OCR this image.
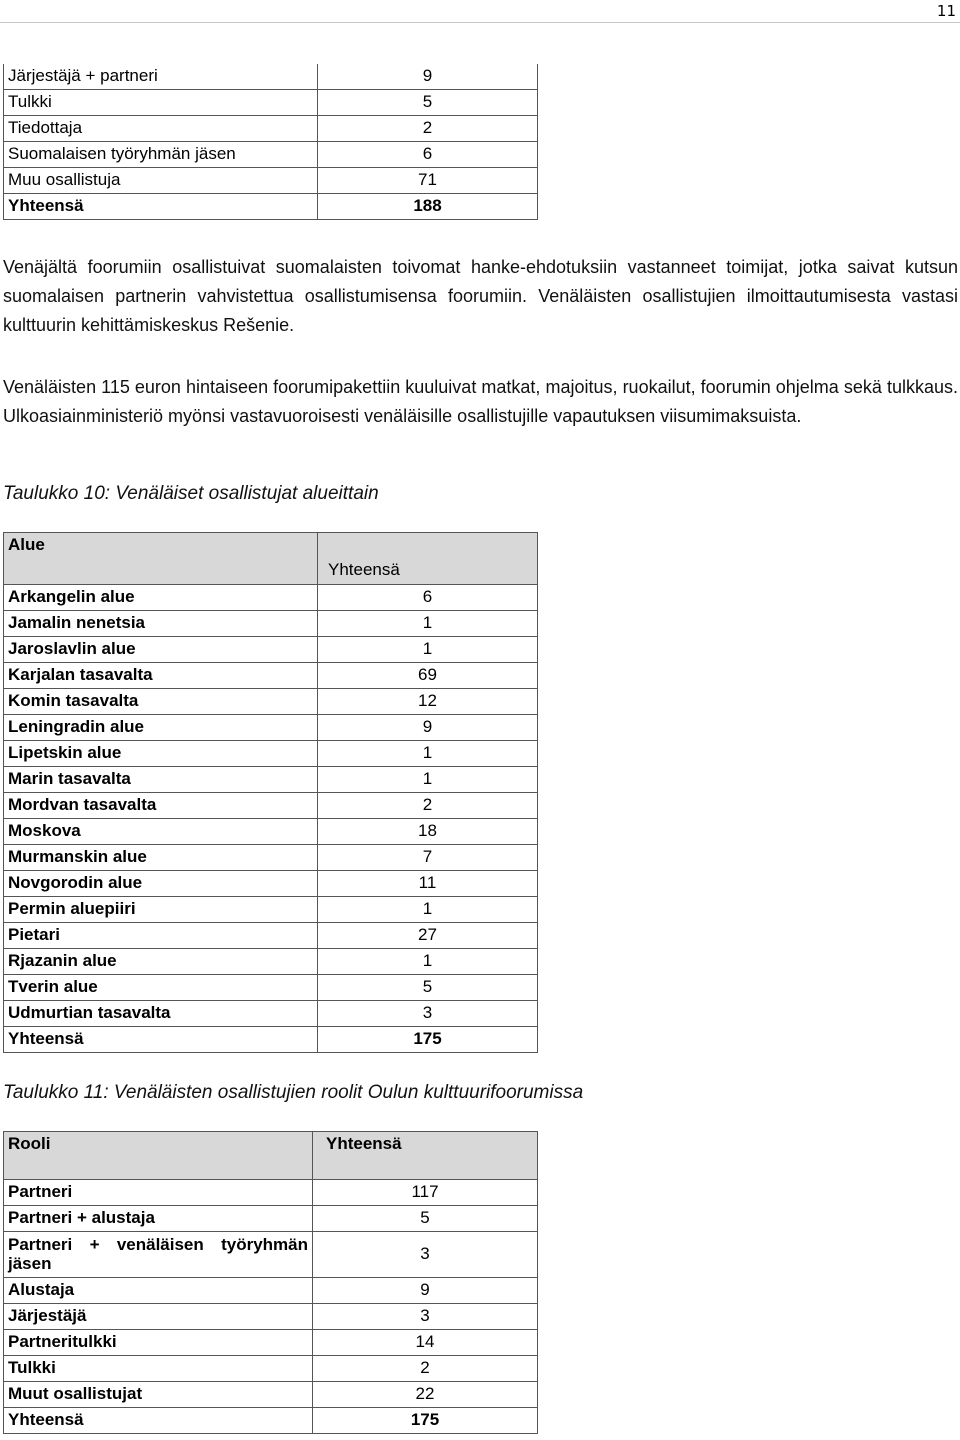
11
Järjestäjä + partneri	9
Tulkki	5
Tiedottaja	2
Suomalaisen työryhmän jäsen	6
Muu osallistuja	71
Yhteensä	188
Venäjältä foorumiin osallistuivat suomalaisten toivomat hanke-ehdotuksiin vastanneet toimijat, jotka saivat kutsun suomalaisen partnerin vahvistettua osallistumisensa foorumiin. Venäläisten osallistujien ilmoittautumisesta vastasi kulttuurin kehittämiskeskus Rešenie.
Venäläisten 115 euron hintaiseen foorumipakettiin kuuluivat matkat, majoitus, ruokailut, foorumin ohjelma sekä tulkkaus. Ulkoasiainministeriö myönsi vastavuoroisesti venäläisille osallistujille vapautuksen viisumimaksuista.
Taulukko 10: Venäläiset osallistujat alueittain
Alue	Yhteensä
Arkangelin alue	6
Jamalin nenetsia	1
Jaroslavlin alue	1
Karjalan tasavalta	69
Komin tasavalta	12
Leningradin alue	9
Lipetskin alue	1
Marin tasavalta	1
Mordvan tasavalta	2
Moskova	18
Murmanskin alue	7
Novgorodin alue	11
Permin aluepiiri	1
Pietari	27
Rjazanin alue	1
Tverin alue	5
Udmurtian tasavalta	3
Yhteensä	175
Taulukko 11: Venäläisten osallistujien roolit Oulun kulttuurifoorumissa
Rooli	Yhteensä
Partneri	117
Partneri + alustaja	5
Partneri + venäläisen työryhmän jäsen	3
Alustaja	9
Järjestäjä	3
Partneritulkki	14
Tulkki	2
Muut osallistujat	22
Yhteensä	175
